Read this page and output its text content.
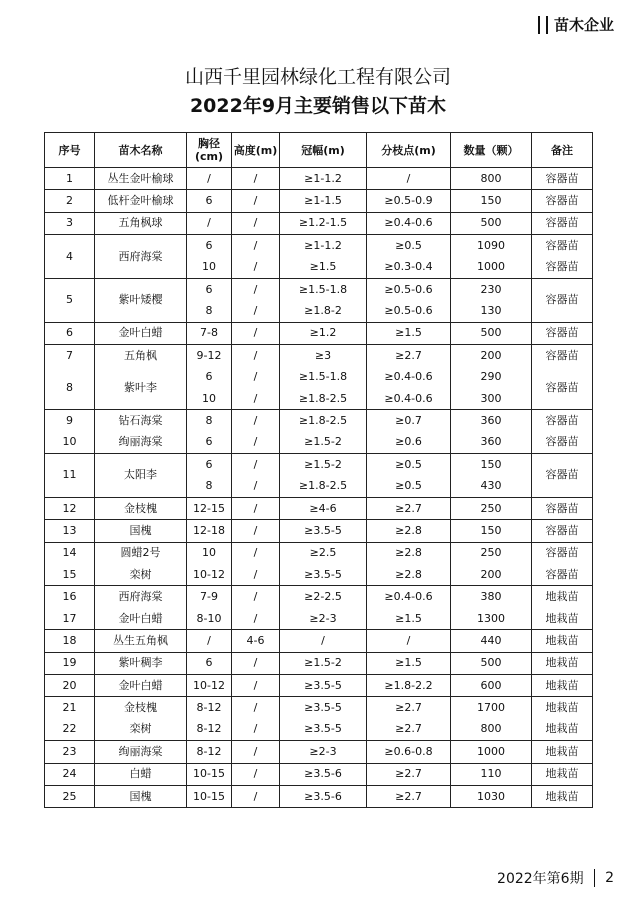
苗木企业
山西千里园林绿化工程有限公司
2022年9月主要销售以下苗木
序号	苗木名称	胸径(cm)	高度(m)	冠幅(m)	分枝点(m)	数量（颗）	备注
1	丛生金叶榆球	/	/	≥1-1.2	/	800	容器苗
2	低杆金叶榆球	6	/	≥1-1.5	≥0.5-0.9	150	容器苗
3	五角枫球	/	/	≥1.2-1.5	≥0.4-0.6	500	容器苗
4	西府海棠	6	/	≥1-1.2	≥0.5	1090	容器苗
		10	/	≥1.5	≥0.3-0.4	1000	容器苗
5	紫叶矮樱	6	/	≥1.5-1.8	≥0.5-0.6	230	容器苗
		8	/	≥1.8-2	≥0.5-0.6	130	
6	金叶白蜡	7-8	/	≥1.2	≥1.5	500	容器苗
7	五角枫	9-12	/	≥3	≥2.7	200	容器苗
8	紫叶李	6	/	≥1.5-1.8	≥0.4-0.6	290	容器苗
		10	/	≥1.8-2.5	≥0.4-0.6	300	
9	钻石海棠	8	/	≥1.8-2.5	≥0.7	360	容器苗
10	绚丽海棠	6	/	≥1.5-2	≥0.6	360	容器苗
11	太阳李	6	/	≥1.5-2	≥0.5	150	容器苗
		8	/	≥1.8-2.5	≥0.5	430	
12	金枝槐	12-15	/	≥4-6	≥2.7	250	容器苗
13	国槐	12-18	/	≥3.5-5	≥2.8	150	容器苗
14	圆蜡2号	10	/	≥2.5	≥2.8	250	容器苗
15	栾树	10-12	/	≥3.5-5	≥2.8	200	容器苗
16	西府海棠	7-9	/	≥2-2.5	≥0.4-0.6	380	地栽苗
17	金叶白蜡	8-10	/	≥2-3	≥1.5	1300	地栽苗
18	丛生五角枫	/	4-6	/	/	440	地栽苗
19	紫叶稠李	6	/	≥1.5-2	≥1.5	500	地栽苗
20	金叶白蜡	10-12	/	≥3.5-5	≥1.8-2.2	600	地栽苗
21	金枝槐	8-12	/	≥3.5-5	≥2.7	1700	地栽苗
22	栾树	8-12	/	≥3.5-5	≥2.7	800	地栽苗
23	绚丽海棠	8-12	/	≥2-3	≥0.6-0.8	1000	地栽苗
24	白蜡	10-15	/	≥3.5-6	≥2.7	110	地栽苗
25	国槐	10-15	/	≥3.5-6	≥2.7	1030	地栽苗
2022年第6期 2
